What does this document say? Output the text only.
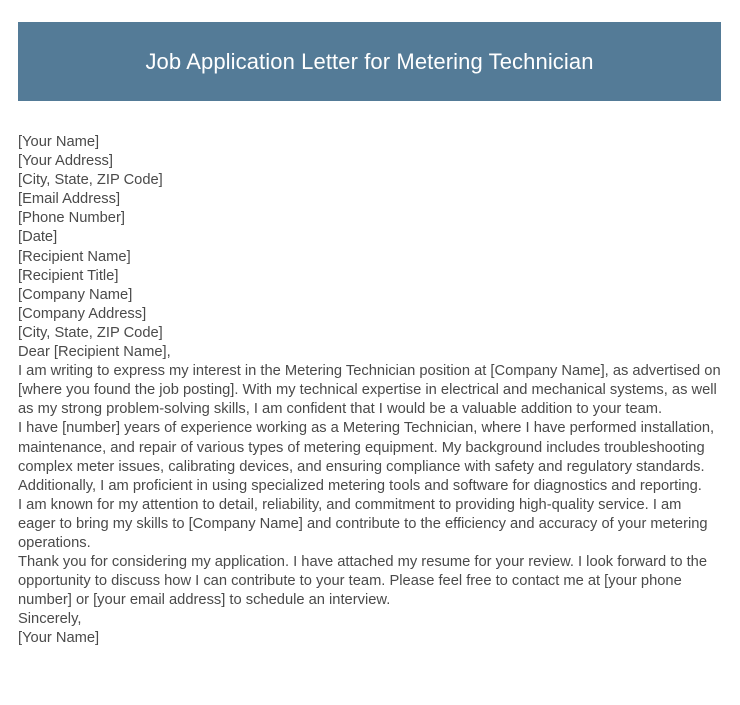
Job Application Letter for Metering Technician
[Your Name]
[Your Address]
[City, State, ZIP Code]
[Email Address]
[Phone Number]
[Date]
[Recipient Name]
[Recipient Title]
[Company Name]
[Company Address]
[City, State, ZIP Code]
Dear [Recipient Name],
I am writing to express my interest in the Metering Technician position at [Company Name], as advertised on [where you found the job posting]. With my technical expertise in electrical and mechanical systems, as well as my strong problem-solving skills, I am confident that I would be a valuable addition to your team.
I have [number] years of experience working as a Metering Technician, where I have performed installation, maintenance, and repair of various types of metering equipment. My background includes troubleshooting complex meter issues, calibrating devices, and ensuring compliance with safety and regulatory standards. Additionally, I am proficient in using specialized metering tools and software for diagnostics and reporting.
I am known for my attention to detail, reliability, and commitment to providing high-quality service. I am eager to bring my skills to [Company Name] and contribute to the efficiency and accuracy of your metering operations.
Thank you for considering my application. I have attached my resume for your review. I look forward to the opportunity to discuss how I can contribute to your team. Please feel free to contact me at [your phone number] or [your email address] to schedule an interview.
Sincerely,
[Your Name]
